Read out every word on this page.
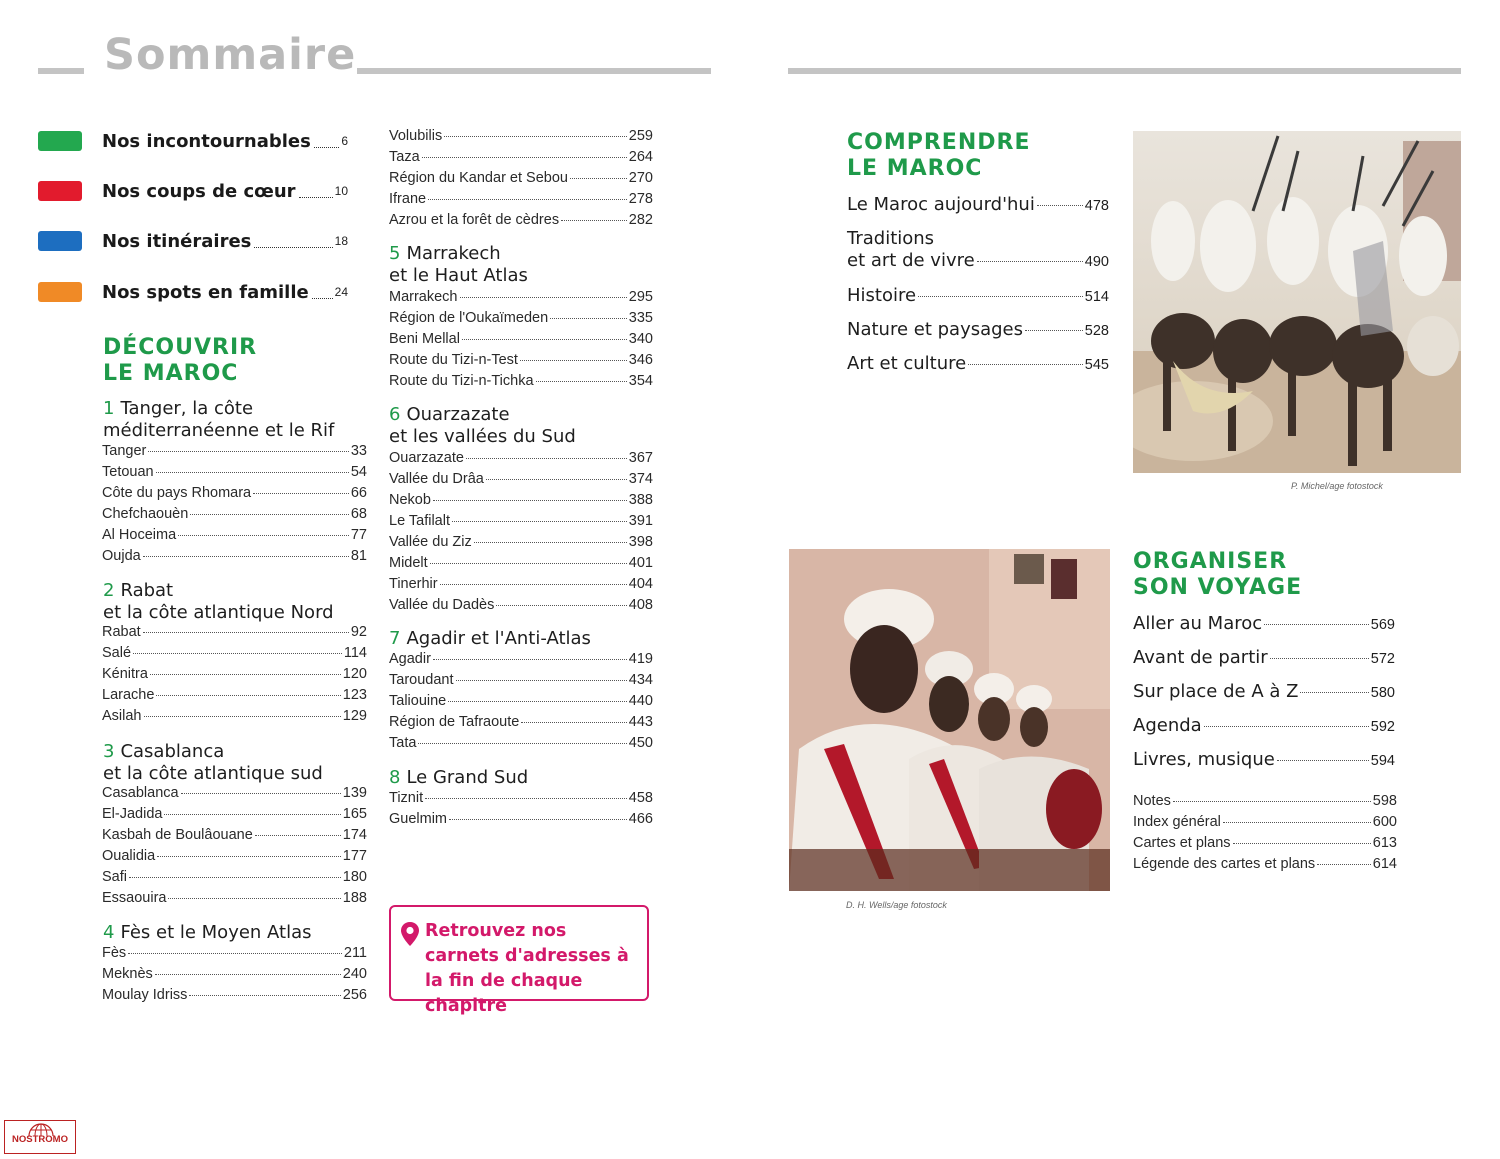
Sommaire
Nos incontournables	6
Nos coups de cœur	10
Nos itinéraires	18
Nos spots en famille 24
DÉCOUVRIR
LE MAROC
1 Tanger, la côte
méditerranéenne et le Rif
Tanger	33
Tetouan	54
Côte du pays Rhomara	66
Chefchaouèn	68
Al Hoceima	77
Oujda	81
2 Rabat
et la côte atlantique Nord
Rabat	92
Salé	114
Kénitra	120
Larache	123
Asilah	129
3 Casablanca
et la côte atlantique sud
Casablanca	139
El-Jadida	165
Kasbah de Boulâouane	174
Oualidia	177
Safi	180
Essaouira	188
4 Fès et le Moyen Atlas
Fès	211
Meknès	240
Moulay Idriss	256
Volubilis	259
Taza	264
Région du Kandar et Sebou	270
Ifrane	278
Azrou et la forêt de cèdres	282
5 Marrakech
et le Haut Atlas
Marrakech	295
Région de l'Oukaïmeden	335
Beni Mellal	340
Route du Tizi-n-Test	346
Route du Tizi-n-Tichka	354
6 Ouarzazate
et les vallées du Sud
Ouarzazate	367
Vallée du Drâa	374
Nekob	388
Le Tafilalt	391
Vallée du Ziz	398
Midelt	401
Tinerhir	404
Vallée du Dadès	408
7 Agadir et l'Anti-Atlas
Agadir	419
Taroudant	434
Taliouine	440
Région de Tafraoute	443
Tata	450
8 Le Grand Sud
Tiznit	458
Guelmim	466
Retrouvez nos carnets d'adresses à la fin de chaque chapitre
COMPRENDRE
LE MAROC
Le Maroc aujourd'hui	478
Traditions
et art de vivre	490
Histoire	514
Nature et paysages	528
Art et culture	545
P. Michel/age fotostock
D. H. Wells/age fotostock
ORGANISER
SON VOYAGE
Aller au Maroc	569
Avant de partir	572
Sur place de A à Z	580
Agenda	592
Livres, musique	594
Notes	598
Index général	600
Cartes et plans	613
Légende des cartes et plans	614
NOSTROMO
